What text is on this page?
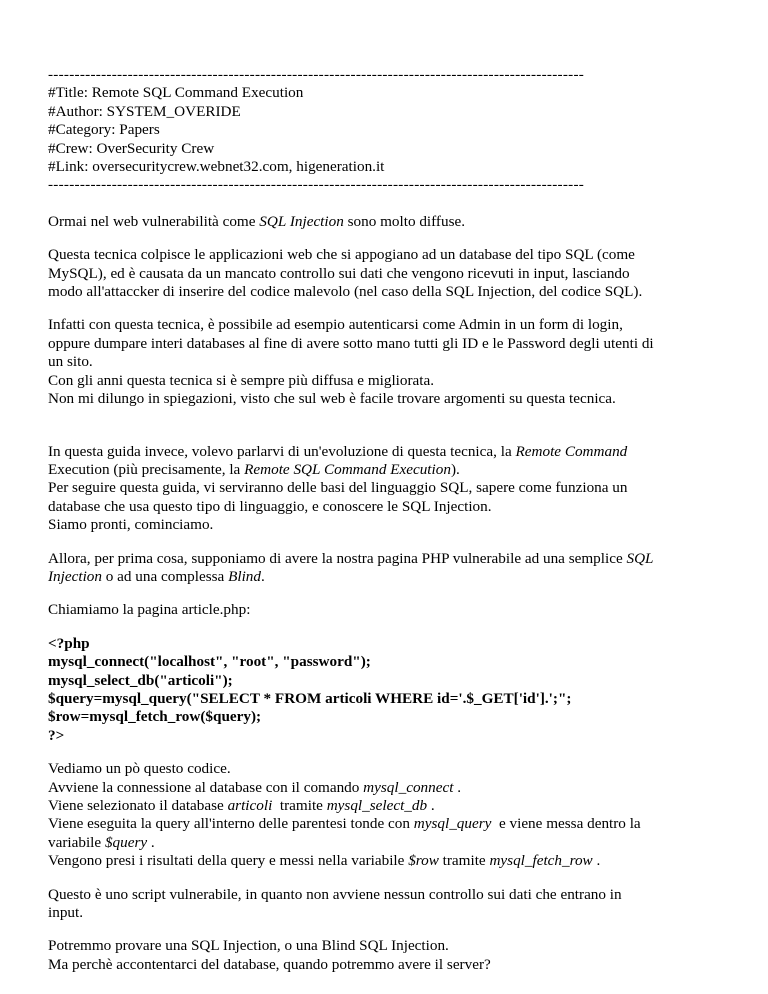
-----------------------------------------------------------------------------------------------------
#Title: Remote SQL Command Execution
#Author: SYSTEM_OVERIDE
#Category: Papers
#Crew: OverSecurity Crew
#Link: oversecuritycrew.webnet32.com, higeneration.it
-----------------------------------------------------------------------------------------------------
Ormai nel web vulnerabilità come SQL Injection sono molto diffuse.
Questa tecnica colpisce le applicazioni web che si appogiano ad un database del tipo SQL (come
MySQL), ed è causata da un mancato controllo sui dati che vengono ricevuti in input, lasciando
modo all'attaccker di inserire del codice malevolo (nel caso della SQL Injection, del codice SQL).
Infatti con questa tecnica, è possibile ad esempio autenticarsi come Admin in un form di login,
oppure dumpare interi databases al fine di avere sotto mano tutti gli ID e le Password degli utenti di
un sito.
Con gli anni questa tecnica si è sempre più diffusa e migliorata.
Non mi dilungo in spiegazioni, visto che sul web è facile trovare argomenti su questa tecnica.
In questa guida invece, volevo parlarvi di un'evoluzione di questa tecnica, la Remote Command
Execution (più precisamente, la Remote SQL Command Execution).
Per seguire questa guida, vi serviranno delle basi del linguaggio SQL, sapere come funziona un
database che usa questo tipo di linguaggio, e conoscere le SQL Injection.
Siamo pronti, cominciamo.
Allora, per prima cosa, supponiamo di avere la nostra pagina PHP vulnerabile ad una semplice SQL
Injection o ad una complessa Blind.
Chiamiamo la pagina article.php:
<?php
mysql_connect("localhost", "root", "password");
mysql_select_db("articoli");
$query=mysql_query("SELECT * FROM articoli WHERE id='.$_GET['id'].';";
$row=mysql_fetch_row($query);
?>
Vediamo un pò questo codice.
Avviene la connessione al database con il comando mysql_connect .
Viene selezionato il database articoli  tramite mysql_select_db .
Viene eseguita la query all'interno delle parentesi tonde con mysql_query  e viene messa dentro la
variabile $query .
Vengono presi i risultati della query e messi nella variabile $row tramite mysql_fetch_row .
Questo è uno script vulnerabile, in quanto non avviene nessun controllo sui dati che entrano in
input.
Potremmo provare una SQL Injection, o una Blind SQL Injection.
Ma perchè accontentarci del database, quando potremmo avere il server?
